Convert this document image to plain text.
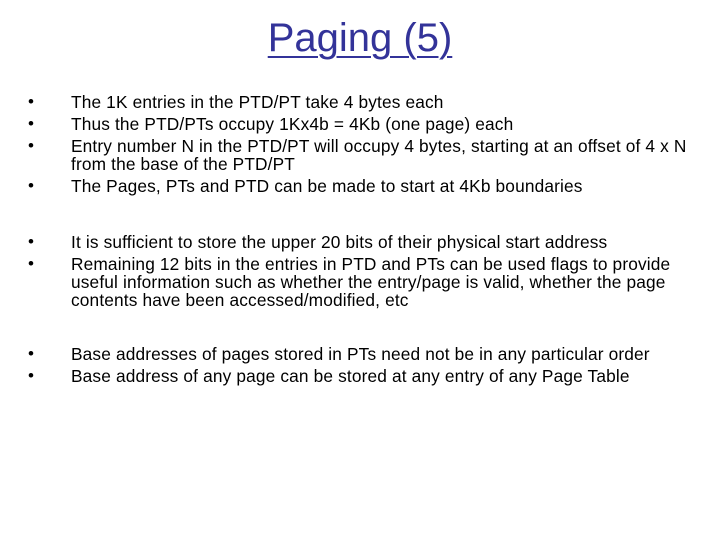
Paging (5)
•	The 1K entries in the PTD/PT take 4 bytes each
•	Thus the PTD/PTs occupy 1Kx4b = 4Kb (one page) each
•	Entry number N in the PTD/PT will occupy 4 bytes, starting at an offset of 4 x N from the base of the PTD/PT
•	The Pages, PTs and PTD can be made to start at 4Kb boundaries
•	It is sufficient to store the upper 20 bits of their physical start address
•	Remaining 12 bits in the entries in PTD and PTs can be used flags to provide useful information such as whether the entry/page is valid, whether the page contents have been accessed/modified, etc
•	Base addresses of pages stored in PTs need not be in any particular order
•	Base address of any page can be stored at any entry of any Page Table
